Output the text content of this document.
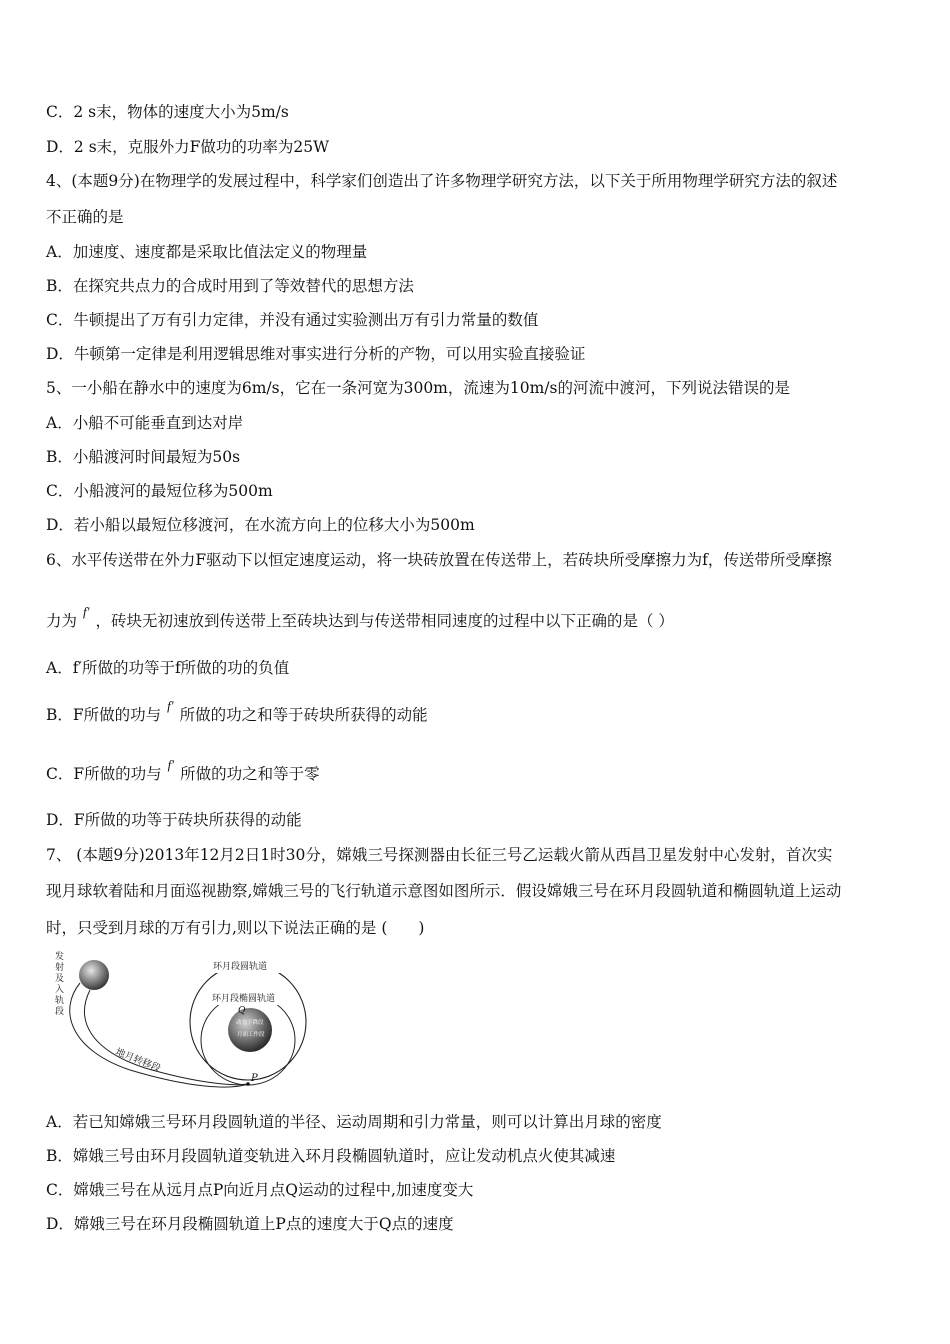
C．2 s末，物体的速度大小为5m/s
D．2 s末，克服外力F做功的功率为25W
4、(本题9分)在物理学的发展过程中，科学家们创造出了许多物理学研究方法，以下关于所用物理学研究方法的叙述
不正确的是
A．加速度、速度都是采取比值法定义的物理量
B．在探究共点力的合成时用到了等效替代的思想方法
C．牛顿提出了万有引力定律，并没有通过实验测出万有引力常量的数值
D．牛顿第一定律是利用逻辑思维对事实进行分析的产物，可以用实验直接验证
5、一小船在静水中的速度为6m/s，它在一条河宽为300m，流速为10m/s的河流中渡河，下列说法错误的是
A．小船不可能垂直到达对岸
B．小船渡河时间最短为50s
C．小船渡河的最短位移为500m
D．若小船以最短位移渡河，在水流方向上的位移大小为500m
6、水平传送带在外力F驱动下以恒定速度运动，将一块砖放置在传送带上，若砖块所受摩擦力为f，传送带所受摩擦
力为$^{f'}$，砖块无初速放到传送带上至砖块达到与传送带相同速度的过程中以下正确的是（ ）
A．f′所做的功等于f所做的功的负值
B．F所做的功与$^{f'}$所做的功之和等于砖块所获得的动能
C．F所做的功与$^{f'}$所做的功之和等于零
D．F所做的功等于砖块所获得的动能
7、 (本题9分)2013年12月2日1时30分，嫦娥三号探测器由长征三号乙运载火箭从西昌卫星发射中心发射，首次实
现月球软着陆和月面巡视勘察,嫦娥三号的飞行轨道示意图如图所示．假设嫦娥三号在环月段圆轨道和椭圆轨道上运动
时，只受到月球的万有引力,则以下说法正确的是 (　　)
发
射
及
入
轨
段
地月转移段
环月段圆轨道
环月段椭圆轨道
Q
动力下降段
月面工作段
P
A．若已知嫦娥三号环月段圆轨道的半径、运动周期和引力常量，则可以计算出月球的密度
B．嫦娥三号由环月段圆轨道变轨进入环月段椭圆轨道时，应让发动机点火使其减速
C．嫦娥三号在从远月点P向近月点Q运动的过程中,加速度变大
D．嫦娥三号在环月段椭圆轨道上P点的速度大于Q点的速度
